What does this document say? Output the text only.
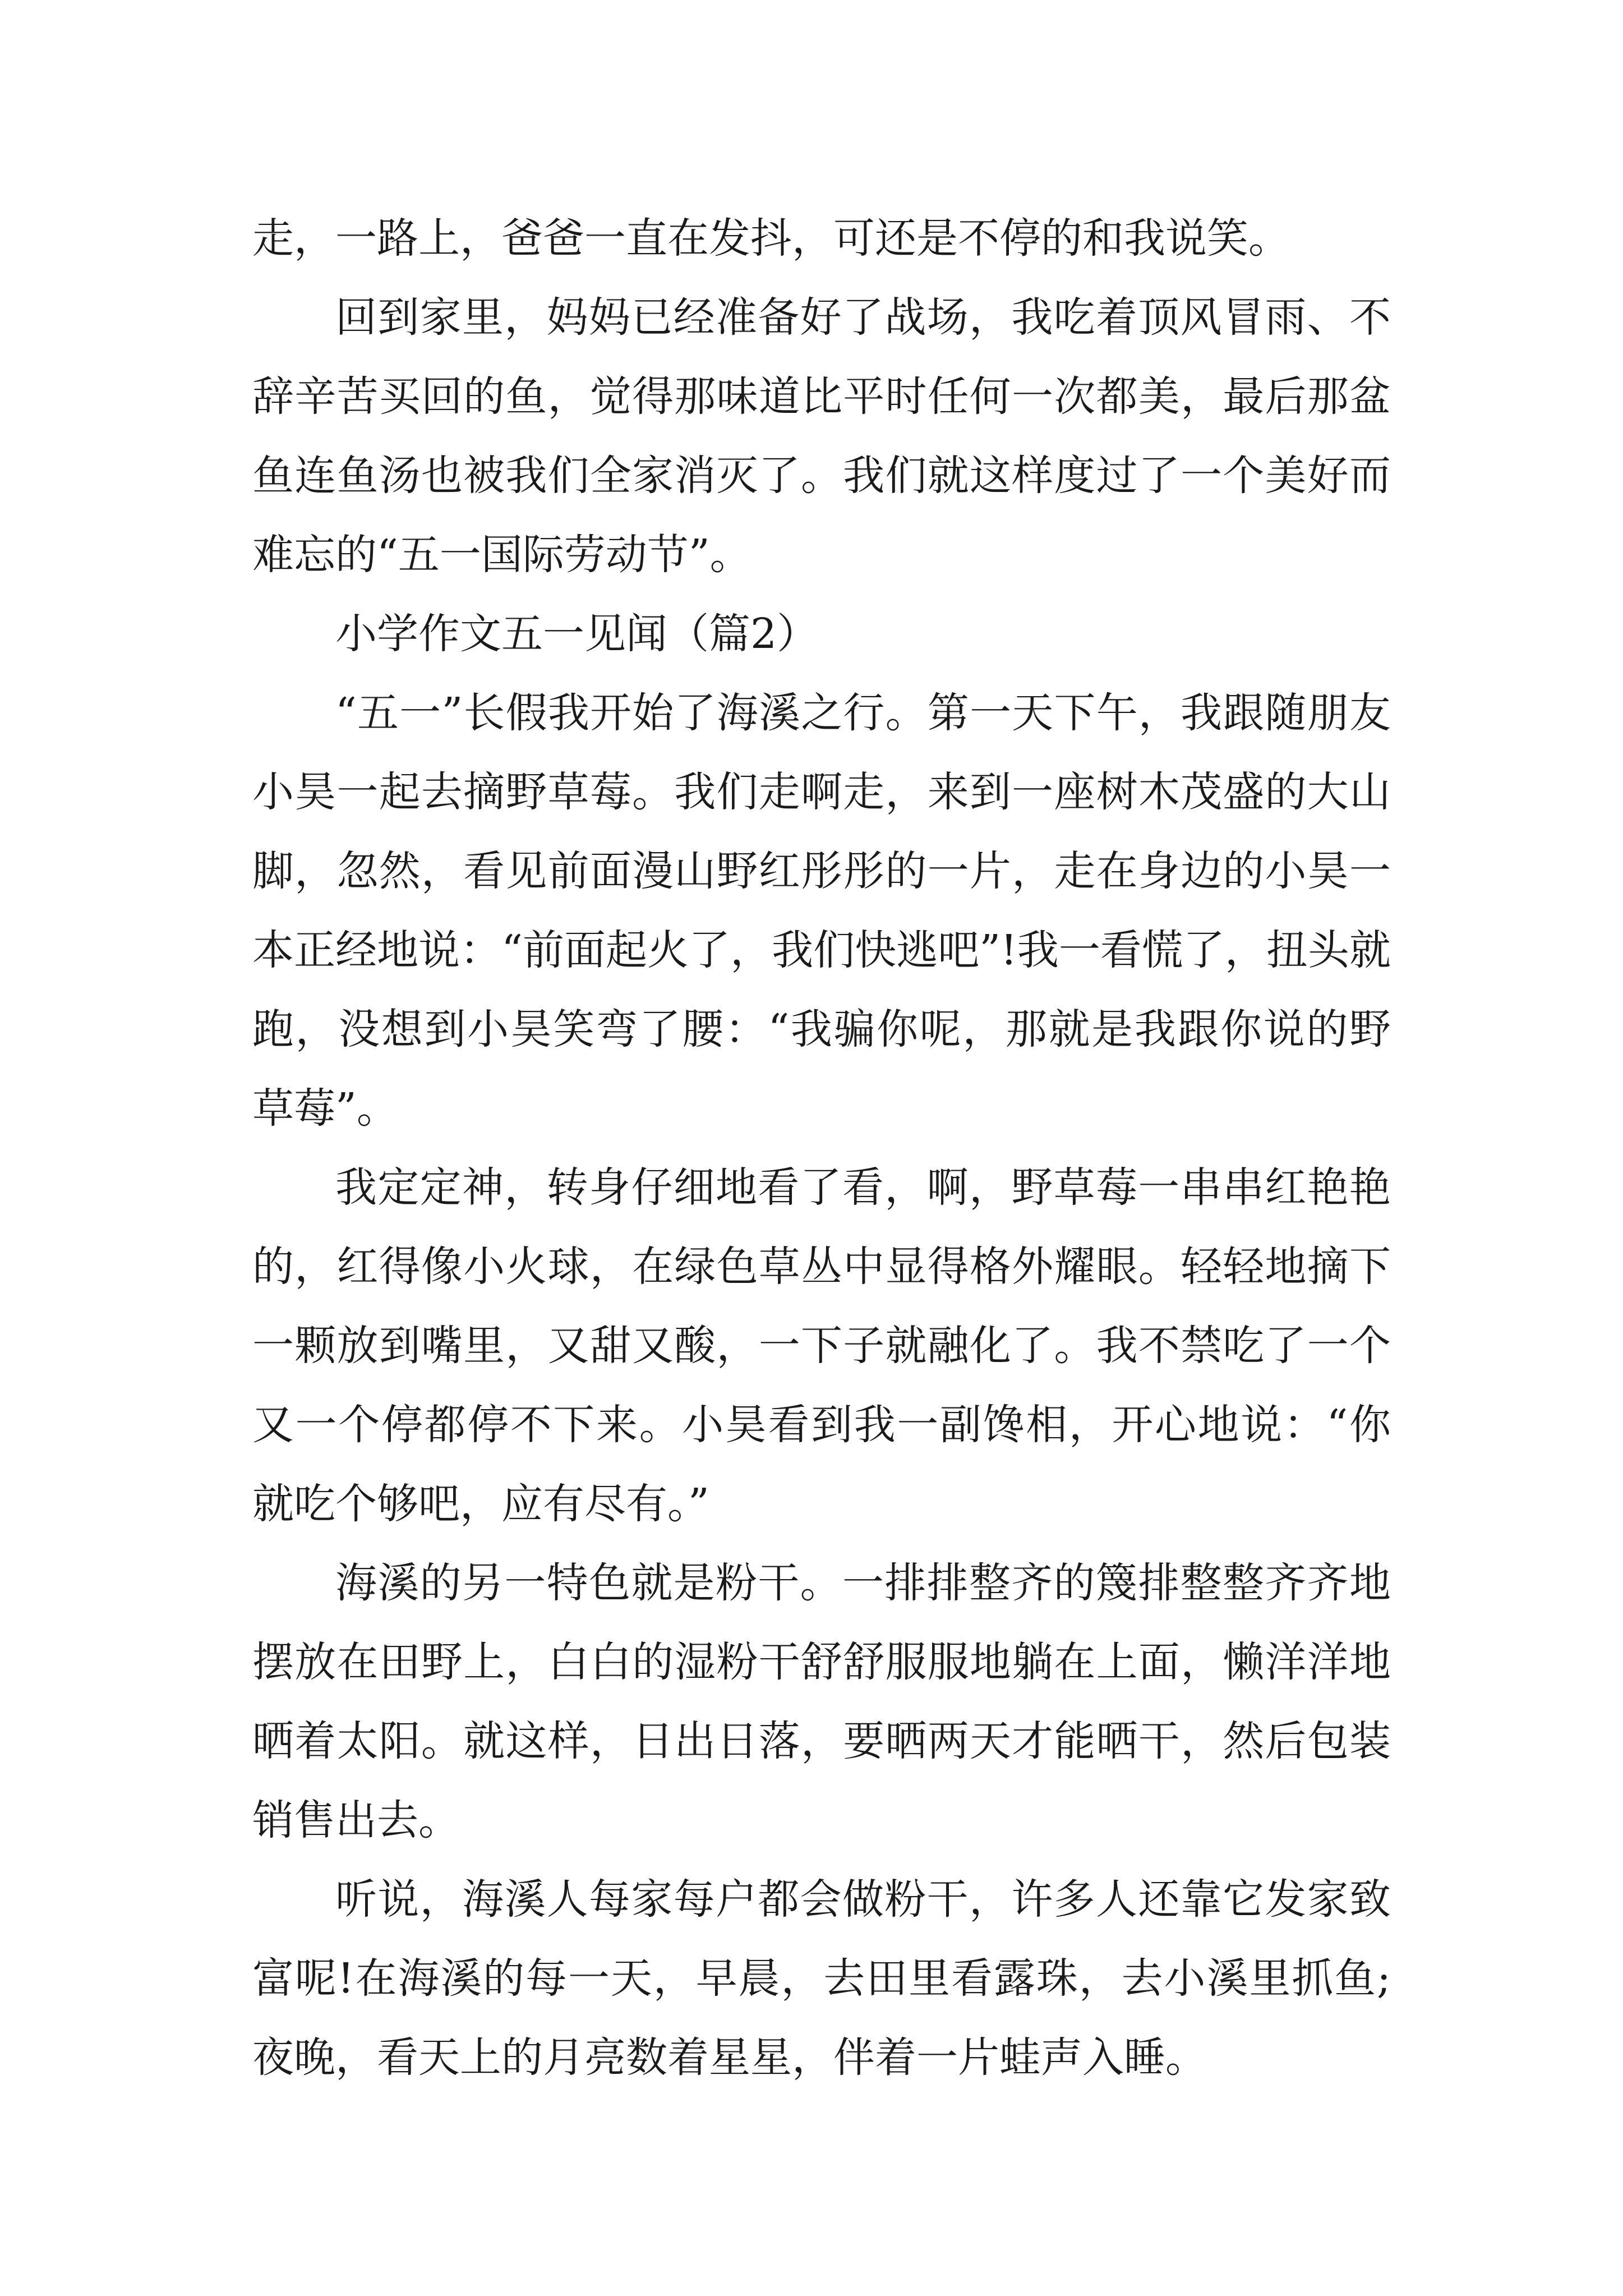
走，一路上，爸爸一直在发抖，可还是不停的和我说笑。

回到家里，妈妈已经准备好了战场，我吃着顶风冒雨、不辞辛苦买回的鱼，觉得那味道比平时任何一次都美，最后那盆鱼连鱼汤也被我们全家消灭了。我们就这样度过了一个美好而难忘的“五一国际劳动节”。

小学作文五一见闻（篇2）

“五一”长假我开始了海溪之行。第一天下午，我跟随朋友小昊一起去摘野草莓。我们走啊走，来到一座树木茂盛的大山脚，忽然，看见前面漫山野红彤彤的一片，走在身边的小昊一本正经地说：“前面起火了，我们快逃吧”!我一看慌了，扭头就跑，没想到小昊笑弯了腰：“我骗你呢，那就是我跟你说的野草莓”。

我定定神，转身仔细地看了看，啊，野草莓一串串红艳艳的，红得像小火球，在绿色草丛中显得格外耀眼。轻轻地摘下一颗放到嘴里，又甜又酸，一下子就融化了。我不禁吃了一个又一个停都停不下来。小昊看到我一副馋相，开心地说：“你就吃个够吧，应有尽有。”

海溪的另一特色就是粉干。一排排整齐的篾排整整齐齐地摆放在田野上，白白的湿粉干舒舒服服地躺在上面，懒洋洋地晒着太阳。就这样，日出日落，要晒两天才能晒干，然后包装销售出去。

听说，海溪人每家每户都会做粉干，许多人还靠它发家致富呢!在海溪的每一天，早晨，去田里看露珠，去小溪里抓鱼;夜晚，看天上的月亮数着星星，伴着一片蛙声入睡。
